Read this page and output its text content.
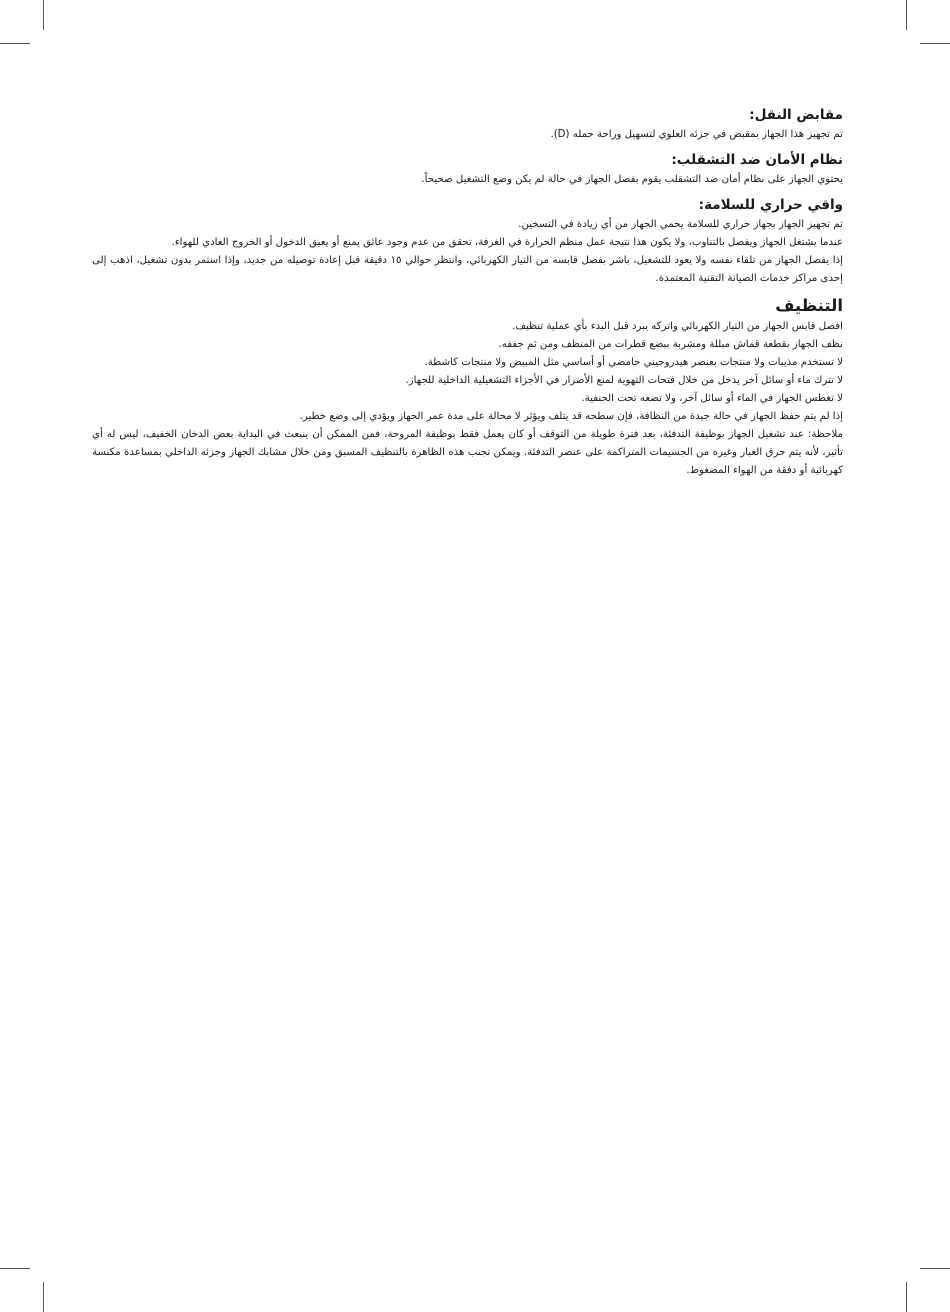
مقابض النقل:

تم تجهيز هذا الجهاز بمقبض في جزئه العلوي لتسهيل وراحة حمله (D).

نظام الأمان ضد التشقلب:

يحتوي الجهاز على نظام أمان ضد التشقلب يقوم بفصل الجهاز في حالة لم يكن وضع التشغيل صحيحاً.

واقي حراري للسلامة:

تم تجهيز الجهاز بجهاز حراري للسلامة يحمي الجهاز من أي زيادة في التسخين.

عندما يشتغل الجهاز ويفصل بالتناوب، ولا يكون هذا نتيجة عمل منظم الحرارة في الغرفة، تحقق من عدم وجود عائق يمنع أو يعيق الدخول أو الخروج العادي للهواء.

إذا يفصل الجهاز من تلقاء نفسه ولا يعود للتشغيل، باشر بفصل قابسه من التيار الكهربائي، وانتظر حوالي ١٥ دقيقة قبل إعادة توصيله من جديد، وإذا استمر بدون تشغيل، اذهب إلى إحدى مراكز خدمات الصيانة التقنية المعتمدة.

التنظيف

افصل قابس الجهاز من التيار الكهربائي واتركه يبرد قبل البدء بأي عملية تنظيف.

نظف الجهاز بقطعة قماش مبللة ومشربة ببضع قطرات من المنظف ومن ثم جففه.

لا تستخدم مذيبات ولا منتجات بعنصر هيدروجيني حامضي أو أساسي مثل المبيض ولا منتجات كاشطة.

لا تترك ماء أو سائل آخر يدخل من خلال فتحات التهوية لمنع الأضرار في الأجزاء التشغيلية الداخلية للجهاز.

لا تغطس الجهاز في الماء أو سائل آخر، ولا تضعه تحت الحنفية.

إذا لم يتم حفظ الجهاز في حالة جيدة من النظافة، فإن سطحه قد يتلف ويؤثر لا محالة على مدة عمر الجهاز ويؤدي إلى وضع خطير.

ملاحظة: عند تشغيل الجهاز بوظيفة التدفئة، بعد فترة طويلة من التوقف أو كان يعمل فقط بوظيفة المروحة، فمن الممكن أن ينبعث في البداية بعض الدخان الخفيف، ليس له أي تأثير، لأنه يتم حرق الغبار وغيره من الجسيمات المتراكمة على عنصر التدفئة. ويمكن تجنب هذه الظاهرة بالتنظيف المسبق ومن خلال مشابك الجهاز وجزئه الداخلي بمساعدة مكنسة كهربائية أو دفقة من الهواء المضغوط.
